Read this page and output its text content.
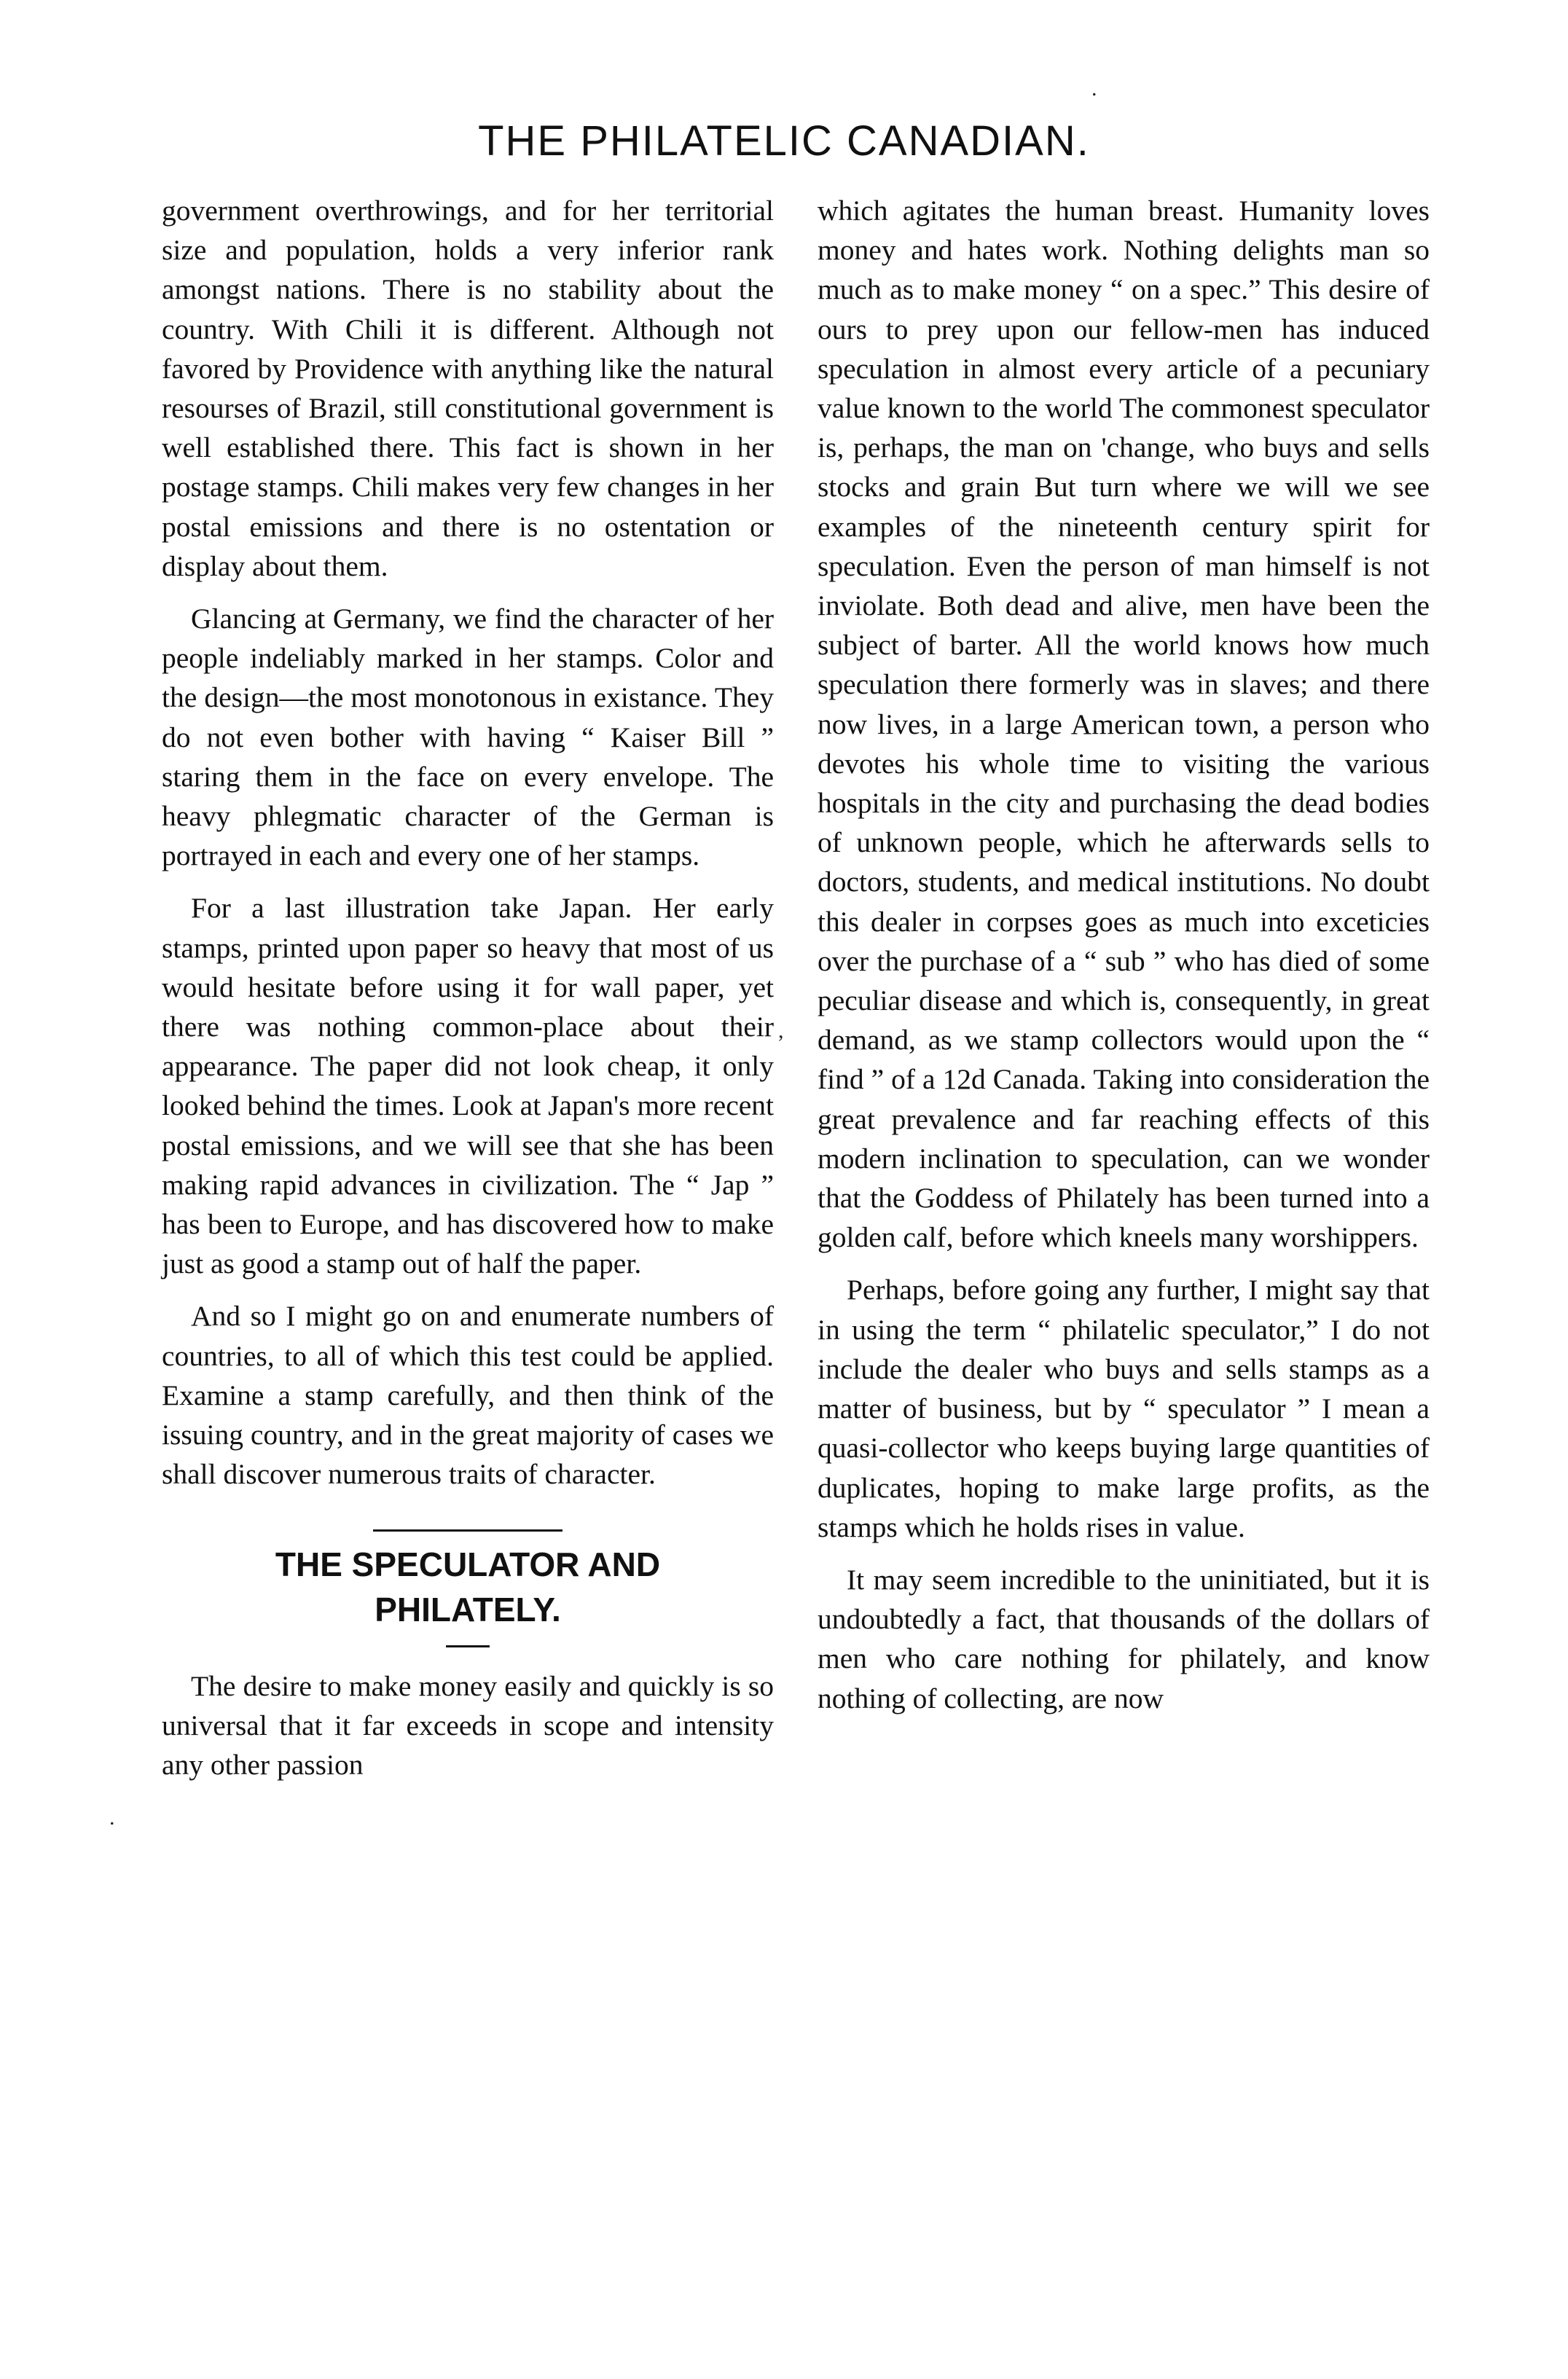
THE PHILATELIC CANADIAN.

government overthrowings, and for her territorial size and population, holds a very inferior rank amongst nations. There is no stability about the country. With Chili it is different. Although not favored by Providence with anything like the natural resourses of Brazil, still constitutional government is well established there. This fact is shown in her postage stamps. Chili makes very few changes in her postal emissions and there is no ostentation or display about them.

Glancing at Germany, we find the character of her people indeliably marked in her stamps. Color and the design—the most monotonous in existance. They do not even bother with having “ Kaiser Bill ” staring them in the face on every envelope. The heavy phlegmatic character of the German is portrayed in each and every one of her stamps.

For a last illustration take Japan. Her early stamps, printed upon paper so heavy that most of us would hesitate before using it for wall paper, yet there was nothing common-place about their appearance. The paper did not look cheap, it only looked behind the times. Look at Japan's more recent postal emissions, and we will see that she has been making rapid advances in civilization. The “ Jap ” has been to Europe, and has discovered how to make just as good a stamp out of half the paper.

And so I might go on and enumerate numbers of countries, to all of which this test could be applied. Examine a stamp carefully, and then think of the issuing country, and in the great majority of cases we shall discover numerous traits of character.

THE SPECULATOR AND
PHILATELY.

The desire to make money easily and quickly is so universal that it far exceeds in scope and intensity any other passion

which agitates the human breast. Humanity loves money and hates work. Nothing delights man so much as to make money “ on a spec.” This desire of ours to prey upon our fellow-men has induced speculation in almost every article of a pecuniary value known to the world The commonest speculator is, perhaps, the man on 'change, who buys and sells stocks and grain But turn where we will we see examples of the nineteenth century spirit for speculation. Even the person of man himself is not inviolate. Both dead and alive, men have been the subject of barter. All the world knows how much speculation there formerly was in slaves; and there now lives, in a large American town, a person who devotes his whole time to visiting the various hospitals in the city and purchasing the dead bodies of unknown people, which he afterwards sells to doctors, students, and medical institutions. No doubt this dealer in corpses goes as much into exceticies over the purchase of a “ sub ” who has died of some peculiar disease and which is, consequently, in great demand, as we stamp collectors would upon the “ find ” of a 12d Canada. Taking into consideration the great prevalence and far reaching effects of this modern inclination to speculation, can we wonder that the Goddess of Philately has been turned into a golden calf, before which kneels many worshippers.

Perhaps, before going any further, I might say that in using the term “ philatelic speculator,” I do not include the dealer who buys and sells stamps as a matter of business, but by “ speculator ” I mean a quasi-collector who keeps buying large quantities of duplicates, hoping to make large profits, as the stamps which he holds rises in value.

It may seem incredible to the uninitiated, but it is undoubtedly a fact, that thousands of the dollars of men who care nothing for philately, and know nothing of collecting, are now

,
.
.
